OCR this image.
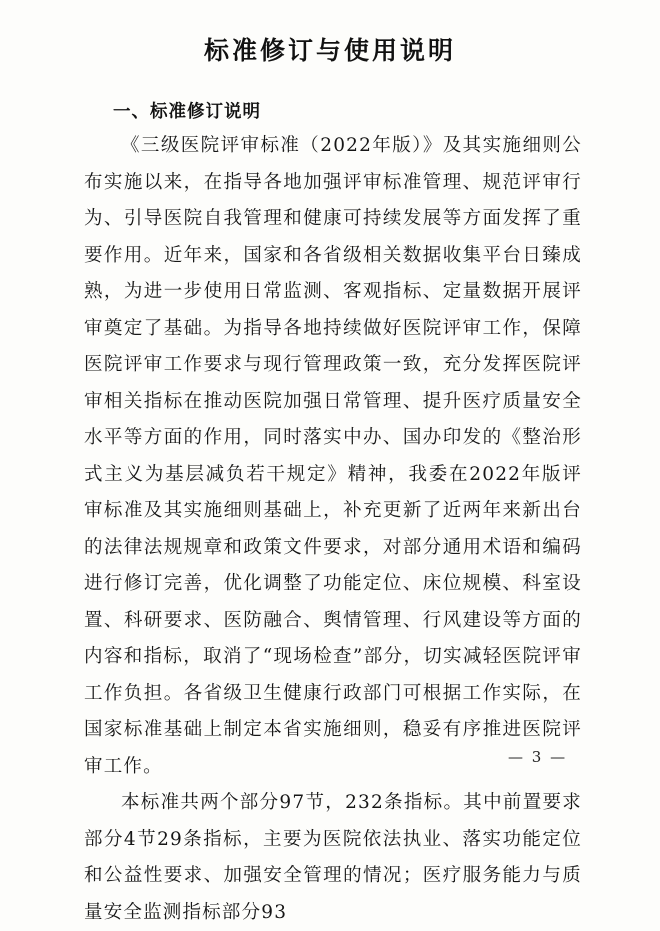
标准修订与使用说明
一、标准修订说明

《三级医院评审标准（2022年版）》及其实施细则公布实施以来，在指导各地加强评审标准管理、规范评审行为、引导医院自我管理和健康可持续发展等方面发挥了重要作用。近年来，国家和各省级相关数据收集平台日臻成熟，为进一步使用日常监测、客观指标、定量数据开展评审奠定了基础。为指导各地持续做好医院评审工作，保障医院评审工作要求与现行管理政策一致，充分发挥医院评审相关指标在推动医院加强日常管理、提升医疗质量安全水平等方面的作用，同时落实中办、国办印发的《整治形式主义为基层减负若干规定》精神，我委在2022年版评审标准及其实施细则基础上，补充更新了近两年来新出台的法律法规规章和政策文件要求，对部分通用术语和编码进行修订完善，优化调整了功能定位、床位规模、科室设置、科研要求、医防融合、舆情管理、行风建设等方面的内容和指标，取消了“现场检查”部分，切实减轻医院评审工作负担。各省级卫生健康行政部门可根据工作实际，在国家标准基础上制定本省实施细则，稳妥有序推进医院评审工作。

本标准共两个部分97节，232条指标。其中前置要求部分4节29条指标，主要为医院依法执业、落实功能定位和公益性要求、加强安全管理的情况；医疗服务能力与质量安全监测指标部分93

— 3 —
